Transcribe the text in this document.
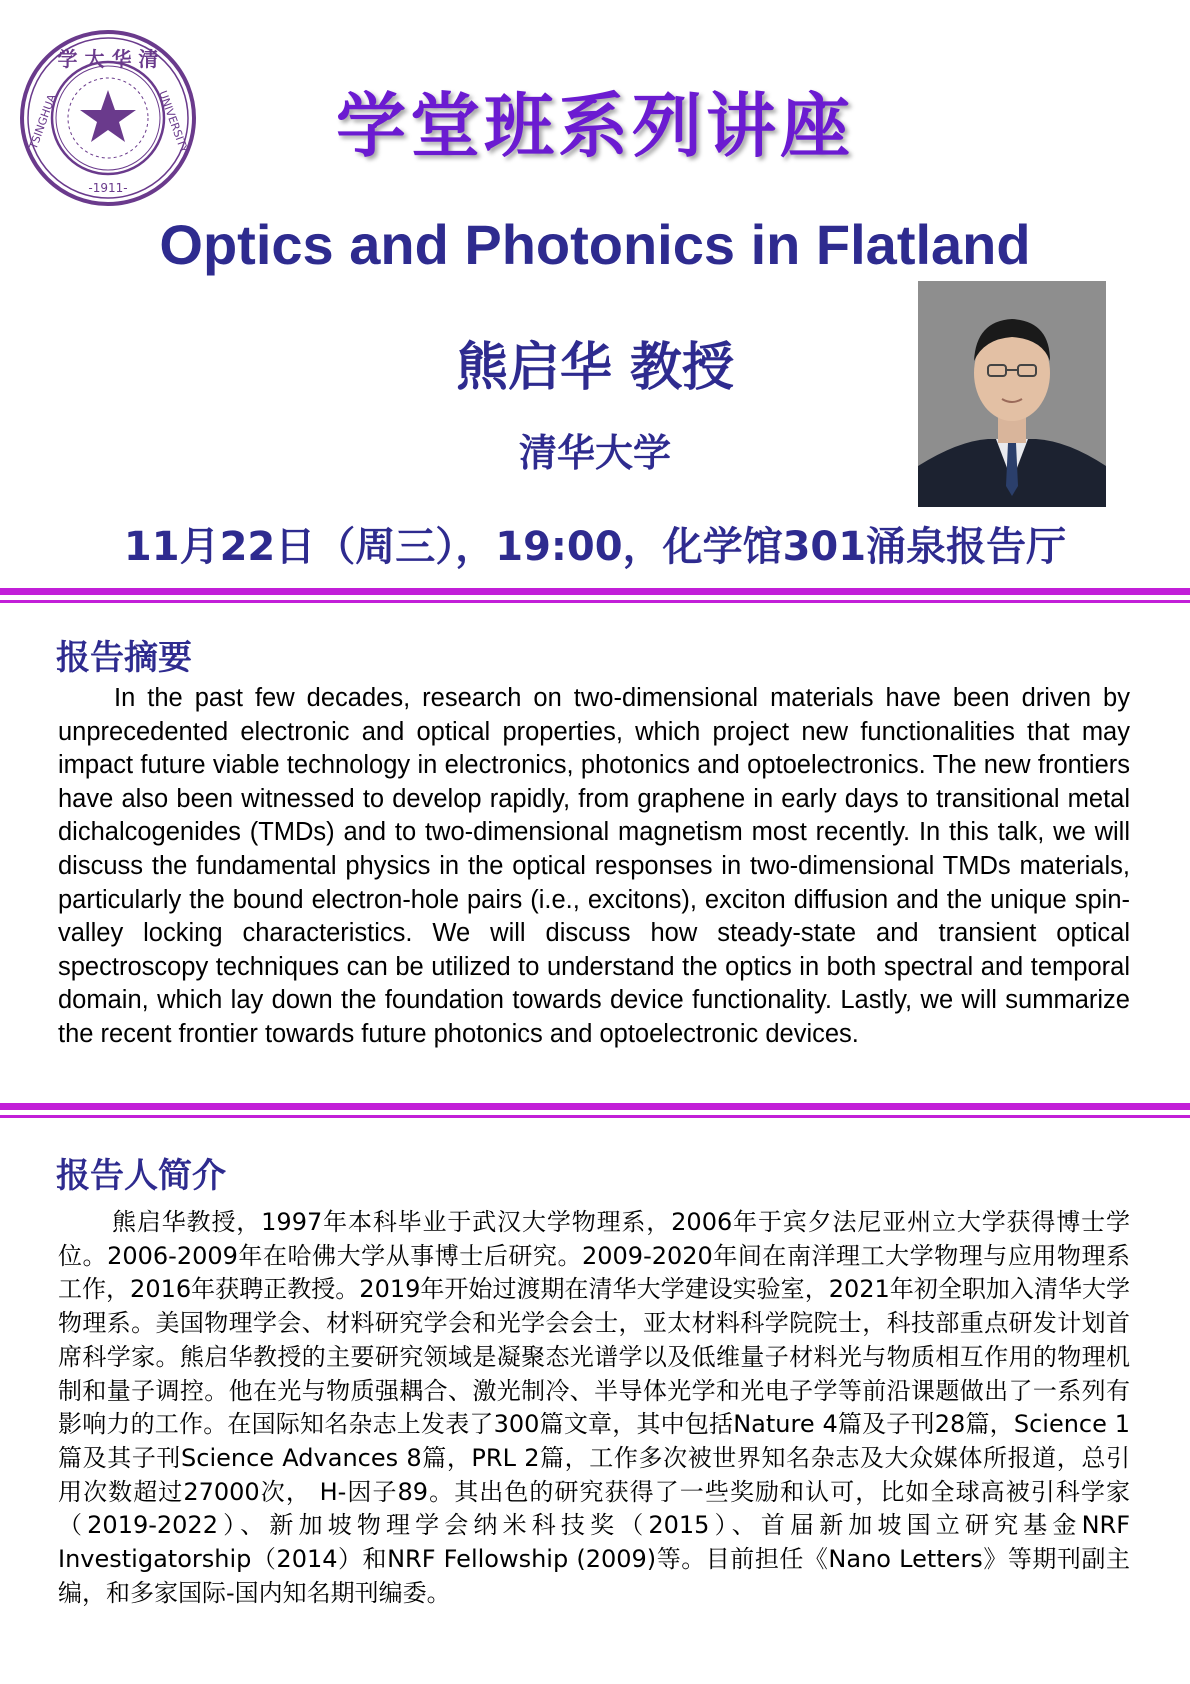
学 大 华 清
TSINGHUA	UNIVERSITY
-1911-
学堂班系列讲座
Optics and Photonics in Flatland
熊启华 教授
清华大学
11月22日（周三），19:00，化学馆301涌泉报告厅
报告摘要
In the past few decades, research on two-dimensional materials have been driven by unprecedented electronic and optical properties, which project new functionalities that may impact future viable technology in electronics, photonics and optoelectronics. The new frontiers have also been witnessed to develop rapidly, from graphene in early days to transitional metal dichalcogenides (TMDs) and to two-dimensional magnetism most recently. In this talk, we will discuss the fundamental physics in the optical responses in two-dimensional TMDs materials, particularly the bound electron-hole pairs (i.e., excitons), exciton diffusion and the unique spin-valley locking characteristics. We will discuss how steady-state and transient optical spectroscopy techniques can be utilized to understand the optics in both spectral and temporal domain, which lay down the foundation towards device functionality. Lastly, we will summarize the recent frontier towards future photonics and optoelectronic devices.
报告人简介
熊启华教授，1997年本科毕业于武汉大学物理系，2006年于宾夕法尼亚州立大学获得博士学位。2006-2009年在哈佛大学从事博士后研究。2009-2020年间在南洋理工大学物理与应用物理系工作，2016年获聘正教授。2019年开始过渡期在清华大学建设实验室，2021年初全职加入清华大学物理系。美国物理学会、材料研究学会和光学会会士，亚太材料科学院院士，科技部重点研发计划首席科学家。熊启华教授的主要研究领域是凝聚态光谱学以及低维量子材料光与物质相互作用的物理机制和量子调控。他在光与物质强耦合、激光制冷、半导体光学和光电子学等前沿课题做出了一系列有影响力的工作。在国际知名杂志上发表了300篇文章，其中包括Nature 4篇及子刊28篇，Science 1篇及其子刊Science Advances 8篇，PRL 2篇，工作多次被世界知名杂志及大众媒体所报道，总引用次数超过27000次， H-因子89。其出色的研究获得了一些奖励和认可，比如全球高被引科学家（2019-2022）、新加坡物理学会纳米科技奖（2015）、首届新加坡国立研究基金NRF Investigatorship（2014）和NRF Fellowship (2009)等。目前担任《Nano Letters》等期刊副主编，和多家国际-国内知名期刊编委。
